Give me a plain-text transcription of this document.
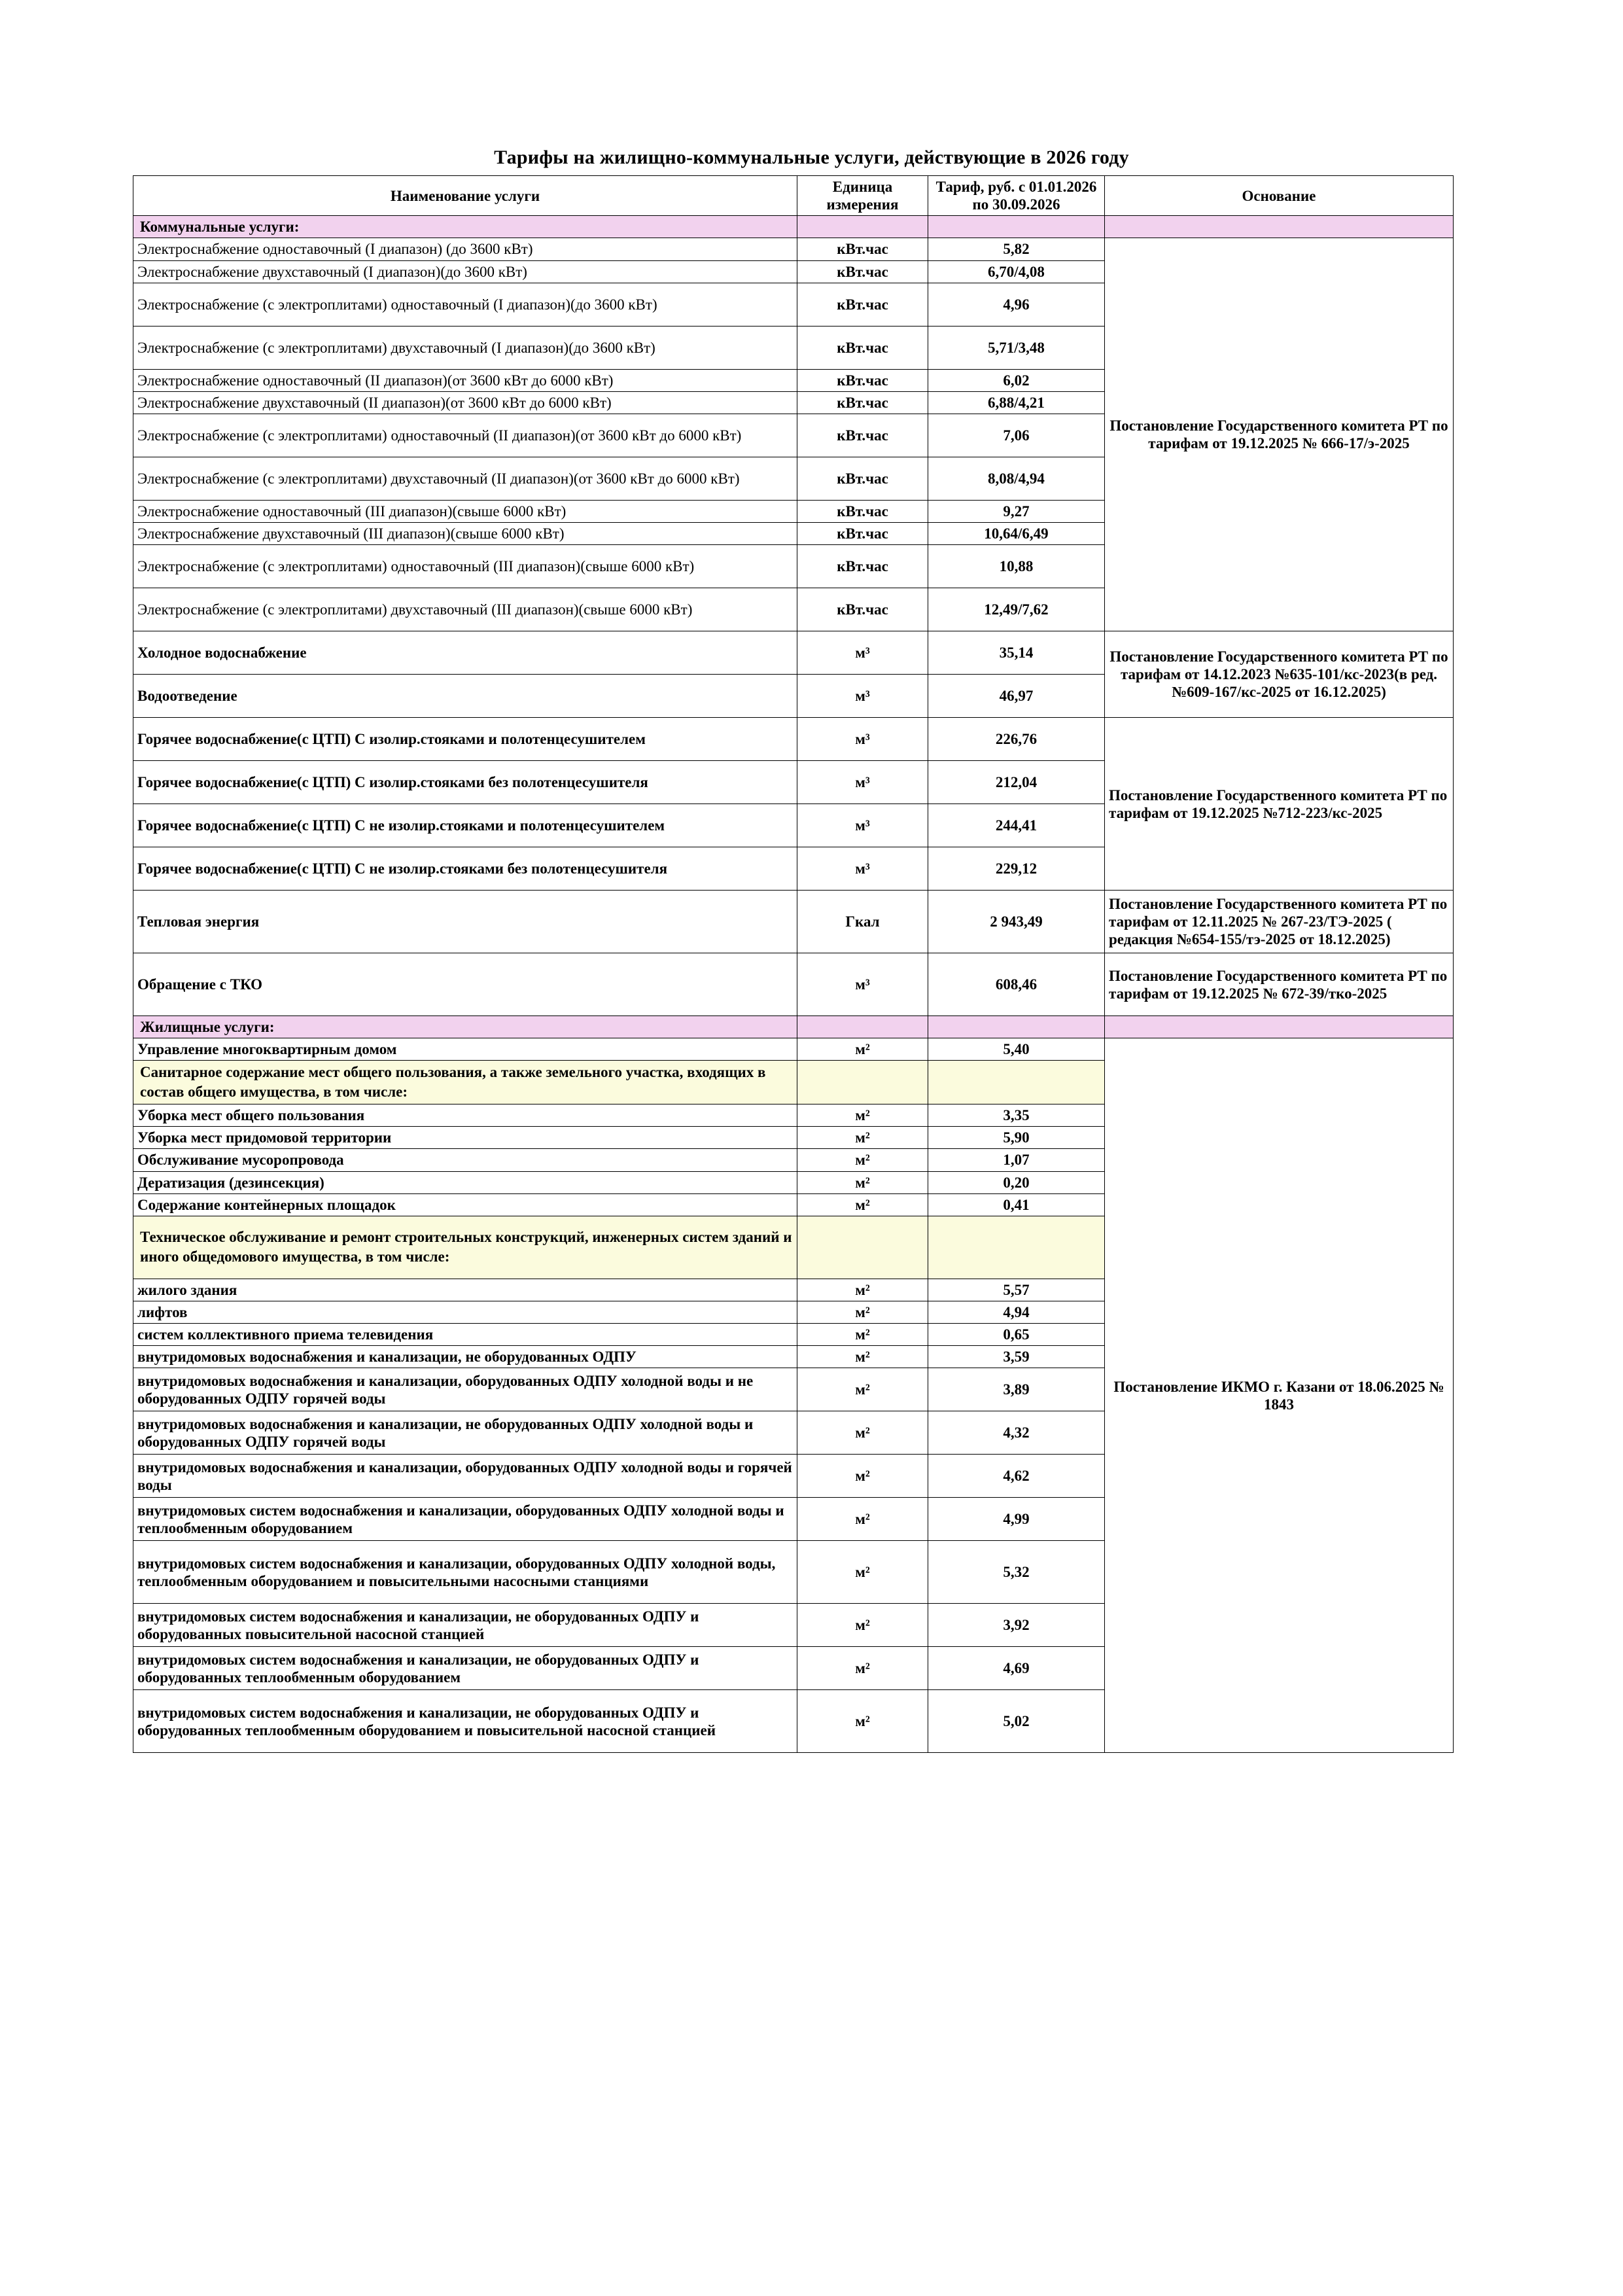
Тарифы на жилищно-коммунальные услуги, действующие в 2026 году
Наименование услуги	Единица измерения	Тариф, руб. с 01.01.2026 по 30.09.2026	Основание
Коммунальные услуги:			
Электроснабжение одноставочный (I диапазон) (до 3600 кВт)	кВт.час	5,82	Постановление Государственного комитета РТ по тарифам от 19.12.2025 № 666-17/э-2025
Электроснабжение двухставочный (I диапазон)(до 3600 кВт)	кВт.час	6,70/4,08	
Электроснабжение (с электроплитами) одноставочный (I диапазон)(до 3600 кВт)	кВт.час	4,96	
Электроснабжение (с электроплитами) двухставочный (I диапазон)(до 3600 кВт)	кВт.час	5,71/3,48	
Электроснабжение одноставочный (II диапазон)(от 3600 кВт до 6000 кВт)	кВт.час	6,02	
Электроснабжение двухставочный (II диапазон)(от 3600 кВт до 6000 кВт)	кВт.час	6,88/4,21	
Электроснабжение (с электроплитами) одноставочный (II диапазон)(от 3600 кВт до 6000 кВт)	кВт.час	7,06	
Электроснабжение (с электроплитами) двухставочный (II диапазон)(от 3600 кВт до 6000 кВт)	кВт.час	8,08/4,94	
Электроснабжение одноставочный (III диапазон)(свыше 6000 кВт)	кВт.час	9,27	
Электроснабжение двухставочный (III диапазон)(свыше 6000 кВт)	кВт.час	10,64/6,49	
Электроснабжение (с электроплитами) одноставочный (III диапазон)(свыше 6000 кВт)	кВт.час	10,88	
Электроснабжение (с электроплитами) двухставочный (III диапазон)(свыше 6000 кВт)	кВт.час	12,49/7,62	
Холодное водоснабжение	м³	35,14	Постановление Государственного комитета РТ по тарифам от 14.12.2023 №635-101/кс-2023(в ред.№609-167/кс-2025 от 16.12.2025)
Водоотведение	м³	46,97	
Горячее водоснабжение(с ЦТП) С изолир.стояками и полотенцесушителем	м³	226,76	Постановление Государственного комитета РТ по тарифам от 19.12.2025 №712-223/кс-2025
Горячее водоснабжение(с ЦТП) С изолир.стояками без полотенцесушителя	м³	212,04	
Горячее водоснабжение(с ЦТП) С не изолир.стояками и полотенцесушителем	м³	244,41	
Горячее водоснабжение(с ЦТП) С не изолир.стояками без полотенцесушителя	м³	229,12	
Тепловая энергия	Гкал	2 943,49	Постановление Государственного комитета РТ по тарифам от 12.11.2025 № 267-23/ТЭ-2025 ( редакция №654-155/тэ-2025 от 18.12.2025)
Обращение с ТКО	м³	608,46	Постановление Государственного комитета РТ по тарифам от 19.12.2025 № 672-39/тко-2025
Жилищные услуги:			
Управление многоквартирным домом	м²	5,40	Постановление ИКМО г. Казани от 18.06.2025 № 1843
Санитарное содержание мест общего пользования, а также земельного участка, входящих в состав общего имущества, в том числе:			
Уборка мест общего пользования	м²	3,35	
Уборка мест придомовой территории	м²	5,90	
Обслуживание мусоропровода	м²	1,07	
Дератизация (дезинсекция)	м²	0,20	
Содержание контейнерных площадок	м²	0,41	
Техническое обслуживание и ремонт строительных конструкций, инженерных систем зданий и иного общедомового имущества, в том числе:			
жилого здания	м²	5,57	
лифтов	м²	4,94	
систем коллективного приема телевидения	м²	0,65	
внутридомовых водоснабжения и канализации, не оборудованных ОДПУ	м²	3,59	
внутридомовых водоснабжения и канализации, оборудованных ОДПУ холодной воды и не оборудованных ОДПУ горячей воды	м²	3,89	
внутридомовых водоснабжения и канализации, не оборудованных ОДПУ холодной воды и оборудованных ОДПУ горячей воды	м²	4,32	
внутридомовых водоснабжения и канализации, оборудованных ОДПУ холодной воды и горячей воды	м²	4,62	
внутридомовых систем водоснабжения и канализации, оборудованных ОДПУ холодной воды и теплообменным оборудованием	м²	4,99	
внутридомовых систем водоснабжения и канализации, оборудованных ОДПУ холодной воды, теплообменным оборудованием и повысительными насосными станциями	м²	5,32	
внутридомовых систем водоснабжения и канализации, не оборудованных ОДПУ и оборудованных повысительной насосной станцией	м²	3,92	
внутридомовых систем водоснабжения и канализации, не оборудованных ОДПУ и оборудованных теплообменным оборудованием	м²	4,69	
внутридомовых систем водоснабжения и канализации, не оборудованных ОДПУ и оборудованных теплообменным оборудованием и повысительной насосной станцией	м²	5,02	
